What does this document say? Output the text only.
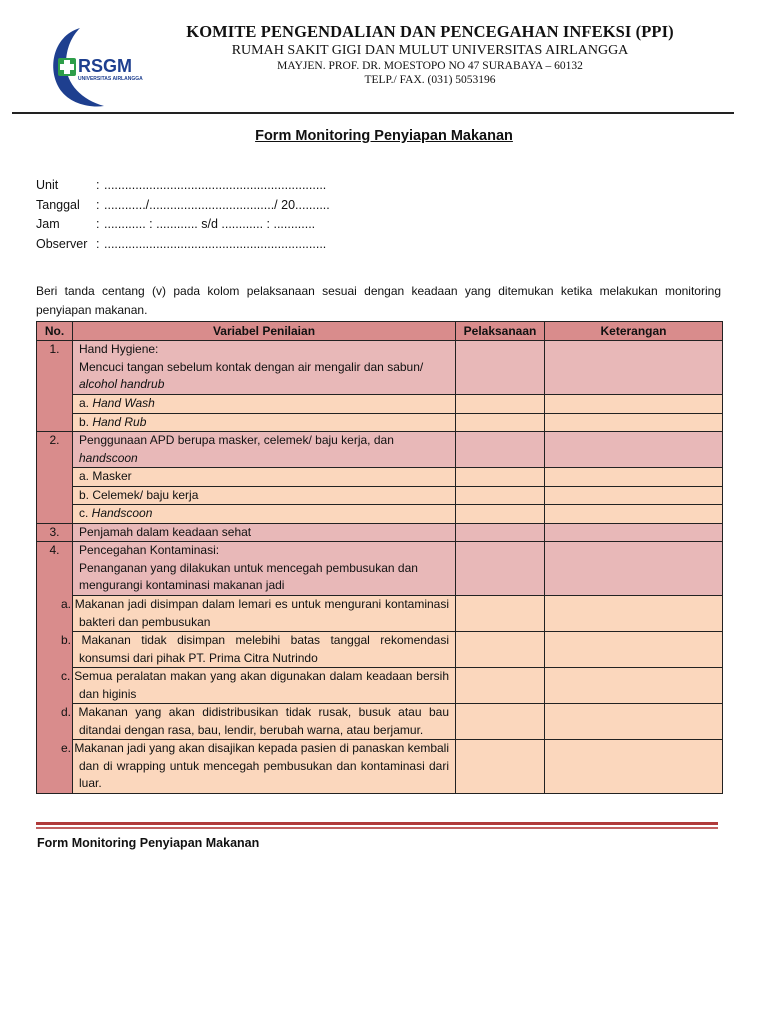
RSGM
UNIVERSITAS AIRLANGGA
KOMITE PENGENDALIAN DAN PENCEGAHAN INFEKSI (PPI)
RUMAH SAKIT GIGI DAN MULUT UNIVERSITAS AIRLANGGA
MAYJEN. PROF. DR. MOESTOPO NO 47 SURABAYA – 60132
TELP./ FAX. (031) 5053196
Form Monitoring Penyiapan Makanan
Unit	: ................................................................
Tanggal	: ............/..................................../ 20..........
Jam	: ............ : ............ s/d ............ : ............
Observer : ................................................................
Beri tanda centang (v) pada kolom pelaksanaan sesuai dengan keadaan yang ditemukan ketika melakukan monitoring penyiapan makanan.
No.	Variabel Penilaian	Pelaksanaan	Keterangan
1.	Hand Hygiene:
Mencuci tangan sebelum kontak dengan air mengalir dan sabun/
alcohol handrub		

	a. Hand Wash		
	b. Hand Rub		
2.	Penggunaan APD berupa masker, celemek/ baju kerja, dan
handscoon		

	a. Masker		
	b. Celemek/ baju kerja		
	c. Handscoon		
3.	Penjamah dalam keadaan sehat		
4.	Pencegahan Kontaminasi:
Penanganan yang dilakukan untuk mencegah pembusukan dan mengurangi kontaminasi makanan jadi		

	a. Makanan jadi disimpan dalam lemari es untuk mengurani kontaminasi bakteri dan pembusukan		
	b. Makanan tidak disimpan melebihi batas tanggal rekomendasi konsumsi dari pihak PT. Prima Citra Nutrindo		
	c. Semua peralatan makan yang akan digunakan dalam keadaan bersih dan higinis		
	d. Makanan yang akan didistribusikan tidak rusak, busuk atau bau ditandai dengan rasa, bau, lendir, berubah warna, atau berjamur.		
	e. Makanan jadi yang akan disajikan kepada pasien di panaskan kembali dan di wrapping untuk mencegah pembusukan dan kontaminasi dari luar.		
Form Monitoring Penyiapan Makanan
